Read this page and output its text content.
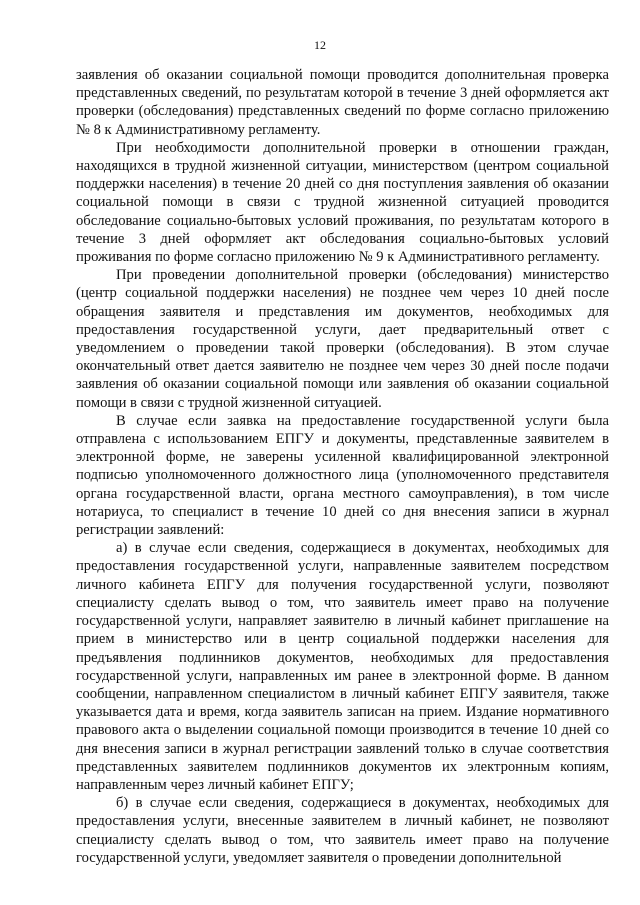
12

заявления об оказании социальной помощи проводится дополнительная проверка представленных сведений, по результатам которой в течение 3 дней оформляется акт проверки (обследования) представленных сведений по форме согласно приложению № 8 к Административному регламенту.

При необходимости дополнительной проверки в отношении граждан, находящихся в трудной жизненной ситуации, министерством (центром социальной поддержки населения) в течение 20 дней со дня поступления заявления об оказании социальной помощи в связи с трудной жизненной ситуацией проводится обследование социально-бытовых условий проживания, по результатам которого в течение 3 дней оформляет акт обследования социально-бытовых условий проживания по форме согласно приложению № 9 к Административного регламенту.

При проведении дополнительной проверки (обследования) министерство (центр социальной поддержки населения) не позднее чем через 10 дней после обращения заявителя и представления им документов, необходимых для предоставления государственной услуги, дает предварительный ответ с уведомлением о проведении такой проверки (обследования). В этом случае окончательный ответ дается заявителю не позднее чем через 30 дней после подачи заявления об оказании социальной помощи или заявления об оказании социальной помощи в связи с трудной жизненной ситуацией.

В случае если заявка на предоставление государственной услуги была отправлена с использованием ЕПГУ и документы, представленные заявителем в электронной форме, не заверены усиленной квалифицированной электронной подписью уполномоченного должностного лица (уполномоченного представителя органа государственной власти, органа местного самоуправления), в том числе нотариуса, то специалист в течение 10 дней со дня внесения записи в журнал регистрации заявлений:

а) в случае если сведения, содержащиеся в документах, необходимых для предоставления государственной услуги, направленные заявителем посредством личного кабинета ЕПГУ для получения государственной услуги, позволяют специалисту сделать вывод о том, что заявитель имеет право на получение государственной услуги, направляет заявителю в личный кабинет приглашение на прием в министерство или в центр социальной поддержки населения для предъявления подлинников документов, необходимых для предоставления государственной услуги, направленных им ранее в электронной форме. В данном сообщении, направленном специалистом в личный кабинет ЕПГУ заявителя, также указывается дата и время, когда заявитель записан на прием. Издание нормативного правового акта о выделении социальной помощи производится в течение 10 дней со дня внесения записи в журнал регистрации заявлений только в случае соответствия представленных заявителем подлинников документов их электронным копиям, направленным через личный кабинет ЕПГУ;

б) в случае если сведения, содержащиеся в документах, необходимых для предоставления услуги, внесенные заявителем в личный кабинет, не позволяют специалисту сделать вывод о том, что заявитель имеет право на получение государственной услуги, уведомляет заявителя о проведении дополнительной
